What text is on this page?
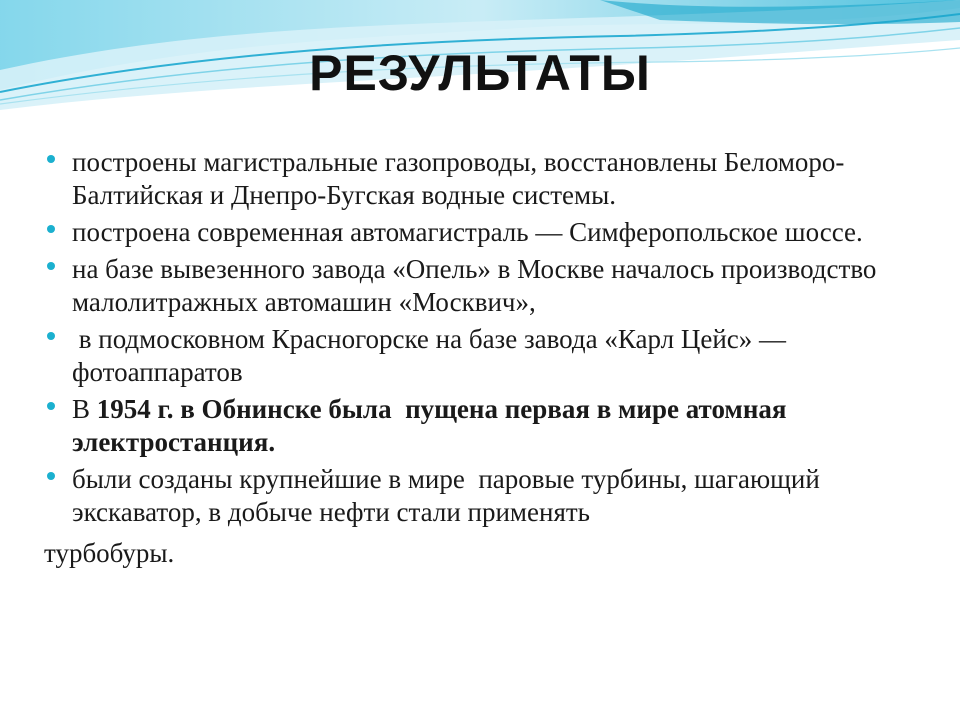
РЕЗУЛЬТАТЫ
построены магистральные газопроводы, восстановлены Беломоро-Балтийская и Днепро-Бугская водные системы.
построена современная автомагистраль — Симферопольское шоссе.
на базе вывезенного завода «Опель» в Москве началось производство малолитражных автомашин «Москвич»,
в подмосковном Красногорске на базе завода «Карл Цейс» — фотоаппаратов
В 1954 г. в Обнинске была  пущена первая в мире атомная  электростанция.
были созданы крупнейшие в мире  паровые турбины, шагающий экскаватор, в добыче нефти стали применять
турбобуры.
